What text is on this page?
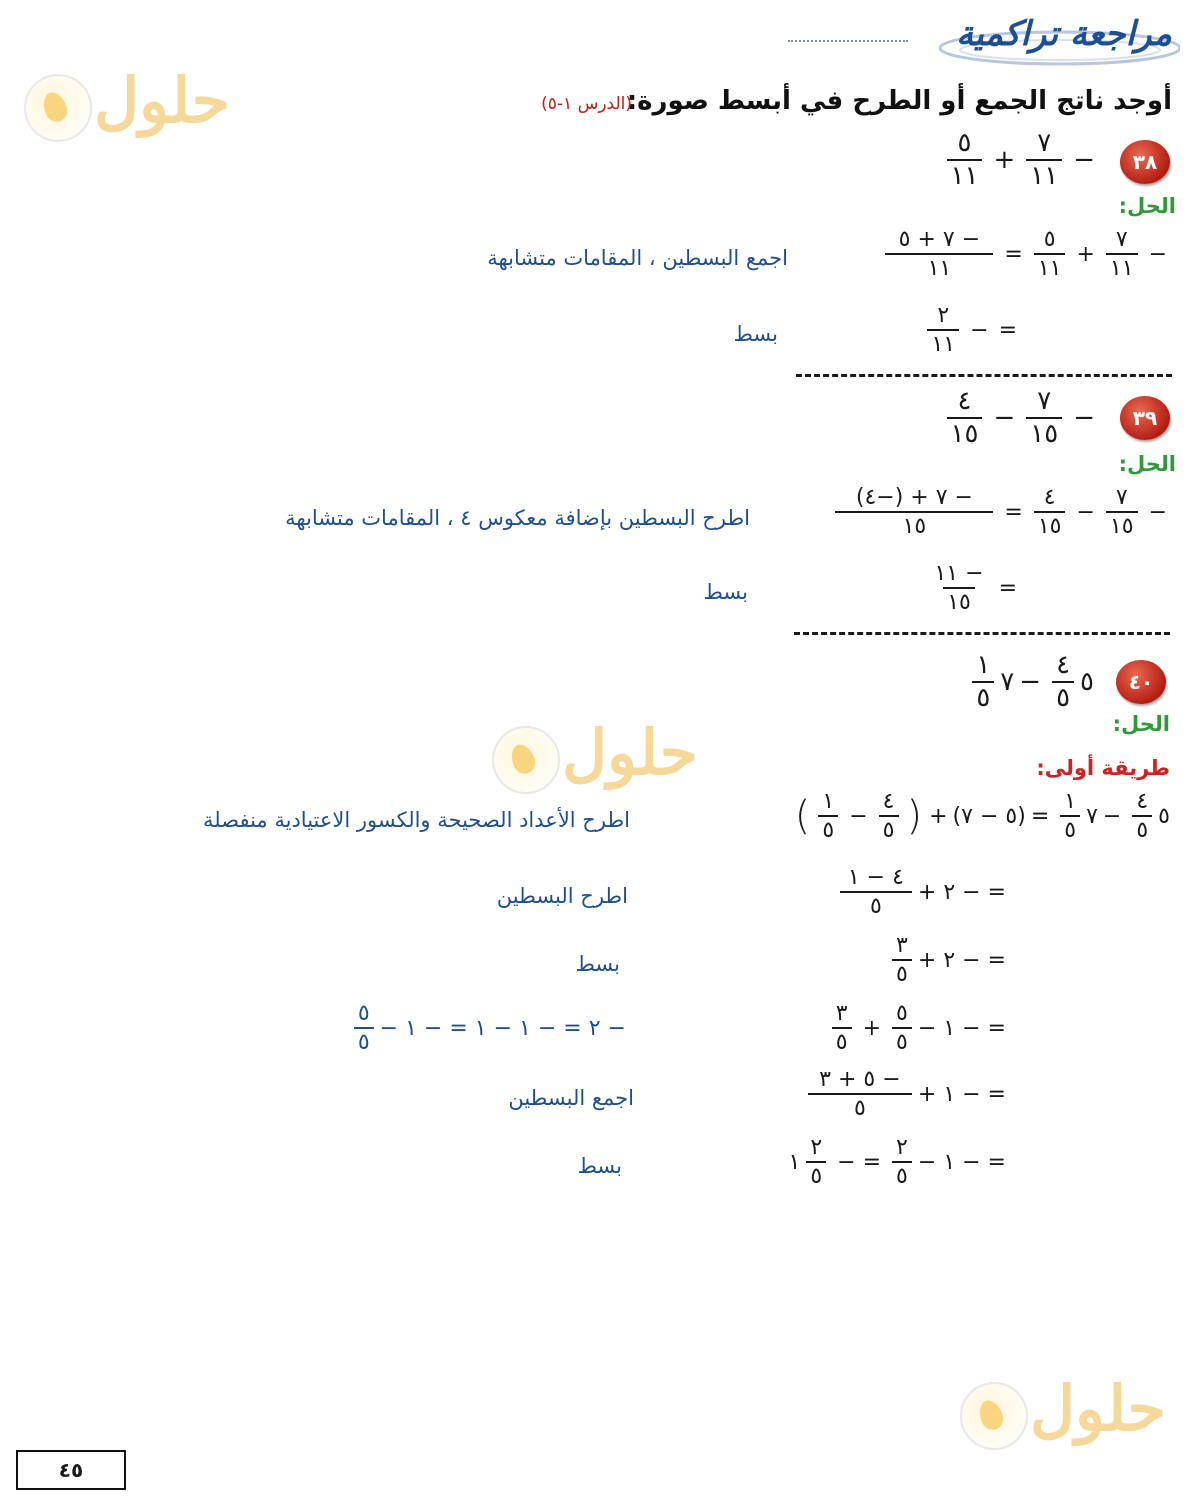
مراجعة تراكمية
أوجد ناتج الجمع أو الطرح في أبسط صورة:
(الدرس ١-٥)
حلول
حلول
حلول
٣٨
−
$\frac{٧}{١١}$
+
$\frac{٥}{١١}$
الحل:
−
$\frac{٧}{١١}$
+
$\frac{٥}{١١}$
=
$\frac{- ٧ + ٥}{١١}$
اجمع البسطين ، المقامات متشابهة
=
−
$\frac{٢}{١١}$
بسط
٣٩
−
$\frac{٧}{١٥}$
−
$\frac{٤}{١٥}$
الحل:
−
$\frac{٧}{١٥}$
−
$\frac{٤}{١٥}$
=
$\frac{- ٧ + (-٤)}{١٥}$
اطرح البسطين بإضافة معكوس ٤ ، المقامات متشابهة
=
$\frac{- ١١}{١٥}$
بسط
٤٠
٥
$\frac{٤}{٥}$
−
٧
$\frac{١}{٥}$
الحل:
طريقة أولى:
٥
$\frac{٤}{٥}$
−
٧
$\frac{١}{٥}$
=
(٥ − ٧)
+
(
$\frac{٤}{٥}$
−
$\frac{١}{٥}$
)
اطرح الأعداد الصحيحة والكسور الاعتيادية منفصلة
= − ٢ +
$\frac{٤ - ١}{٥}$
اطرح البسطين
= − ٢ +
$\frac{٣}{٥}$
بسط
= − ١ −
$\frac{٥}{٥}$
+
$\frac{٣}{٥}$
− ٢ = − ١ − ١ = − ١ −
$\frac{٥}{٥}$
= − ١ +
$\frac{- ٥ + ٣}{٥}$
اجمع البسطين
= − ١ −
$\frac{٢}{٥}$
= −
$\frac{٢}{٥}$
١
بسط
٤٥
